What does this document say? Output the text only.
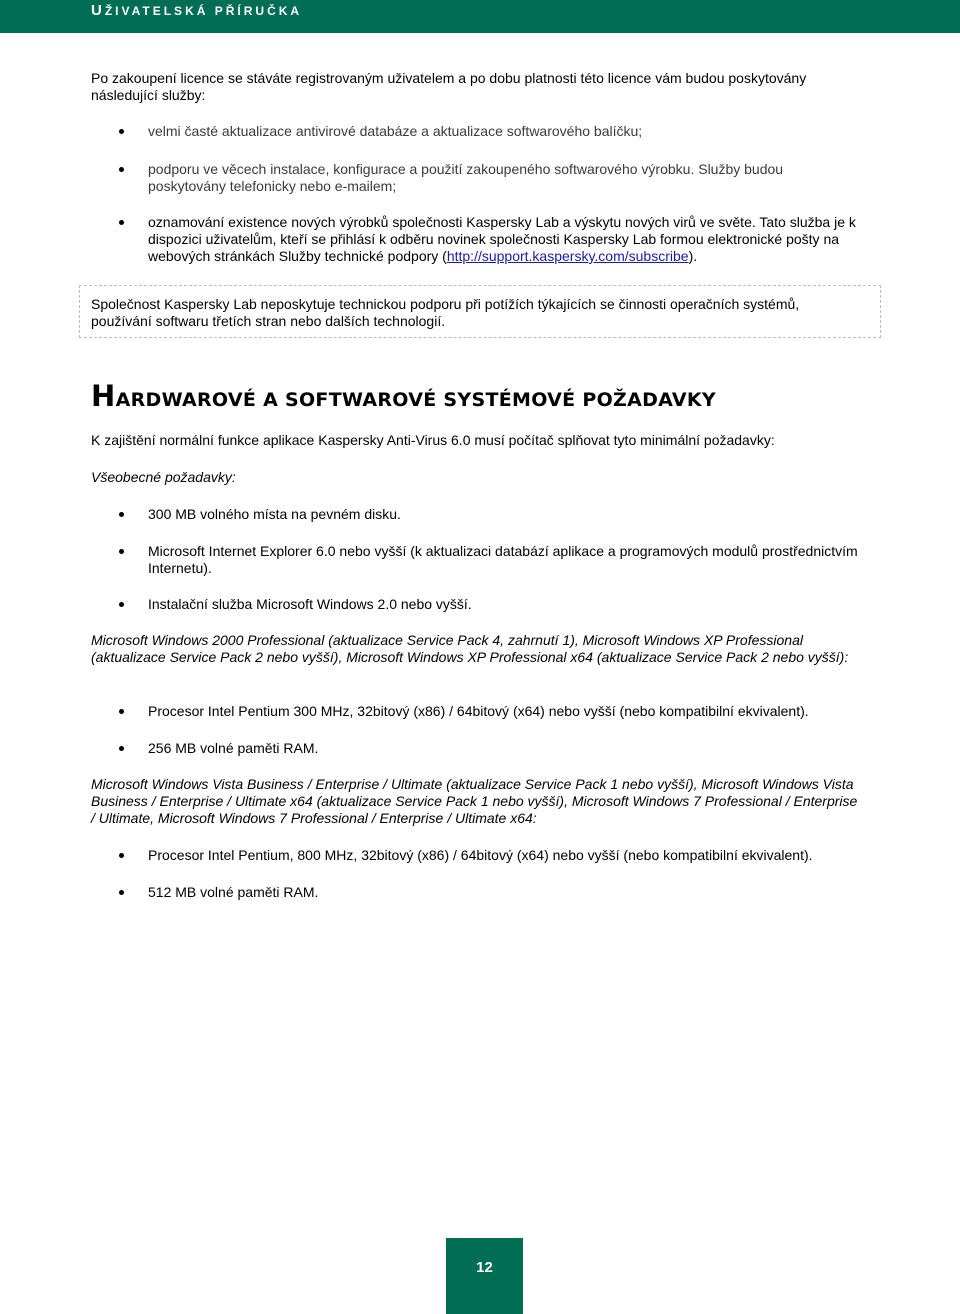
UŽIVATELSKÁ PŘÍRUČKA

Po zakoupení licence se stáváte registrovaným uživatelem a po dobu platnosti této licence vám budou poskytovány následující služby:

velmi časté aktualizace antivirové databáze a aktualizace softwarového balíčku;
podporu ve věcech instalace, konfigurace a použití zakoupeného softwarového výrobku. Služby budou poskytovány telefonicky nebo e-mailem;
oznamování existence nových výrobků společnosti Kaspersky Lab a výskytu nových virů ve světe. Tato služba je k dispozici uživatelům, kteří se přihlásí k odběru novinek společnosti Kaspersky Lab formou elektronické pošty na webových stránkách Služby technické podpory (http://support.kaspersky.com/subscribe).

Společnost Kaspersky Lab neposkytuje technickou podporu při potížích týkajících se činnosti operačních systémů, používání softwaru třetích stran nebo dalších technologií.

HARDWAROVÉ A SOFTWAROVÉ SYSTÉMOVÉ POŽADAVKY

K zajištění normální funkce aplikace Kaspersky Anti-Virus 6.0 musí počítač splňovat tyto minimální požadavky:

Všeobecné požadavky:

300 MB volného místa na pevném disku.
Microsoft Internet Explorer 6.0 nebo vyšší (k aktualizaci databází aplikace a programových modulů prostřednictvím Internetu).
Instalační služba Microsoft Windows 2.0 nebo vyšší.

Microsoft Windows 2000 Professional (aktualizace Service Pack 4, zahrnutí 1), Microsoft Windows XP Professional (aktualizace Service Pack 2 nebo vyšší), Microsoft Windows XP Professional x64 (aktualizace Service Pack 2 nebo vyšší):

Procesor Intel Pentium 300 MHz, 32bitový (x86) / 64bitový (x64) nebo vyšší (nebo kompatibilní ekvivalent).
256 MB volné paměti RAM.

Microsoft Windows Vista Business / Enterprise / Ultimate (aktualizace Service Pack 1 nebo vyšší), Microsoft Windows Vista Business / Enterprise / Ultimate x64 (aktualizace Service Pack 1 nebo vyšší), Microsoft Windows 7 Professional / Enterprise / Ultimate, Microsoft Windows 7 Professional / Enterprise / Ultimate x64:

Procesor Intel Pentium, 800 MHz, 32bitový (x86) / 64bitový (x64) nebo vyšší (nebo kompatibilní ekvivalent).
512 MB volné paměti RAM.
12
